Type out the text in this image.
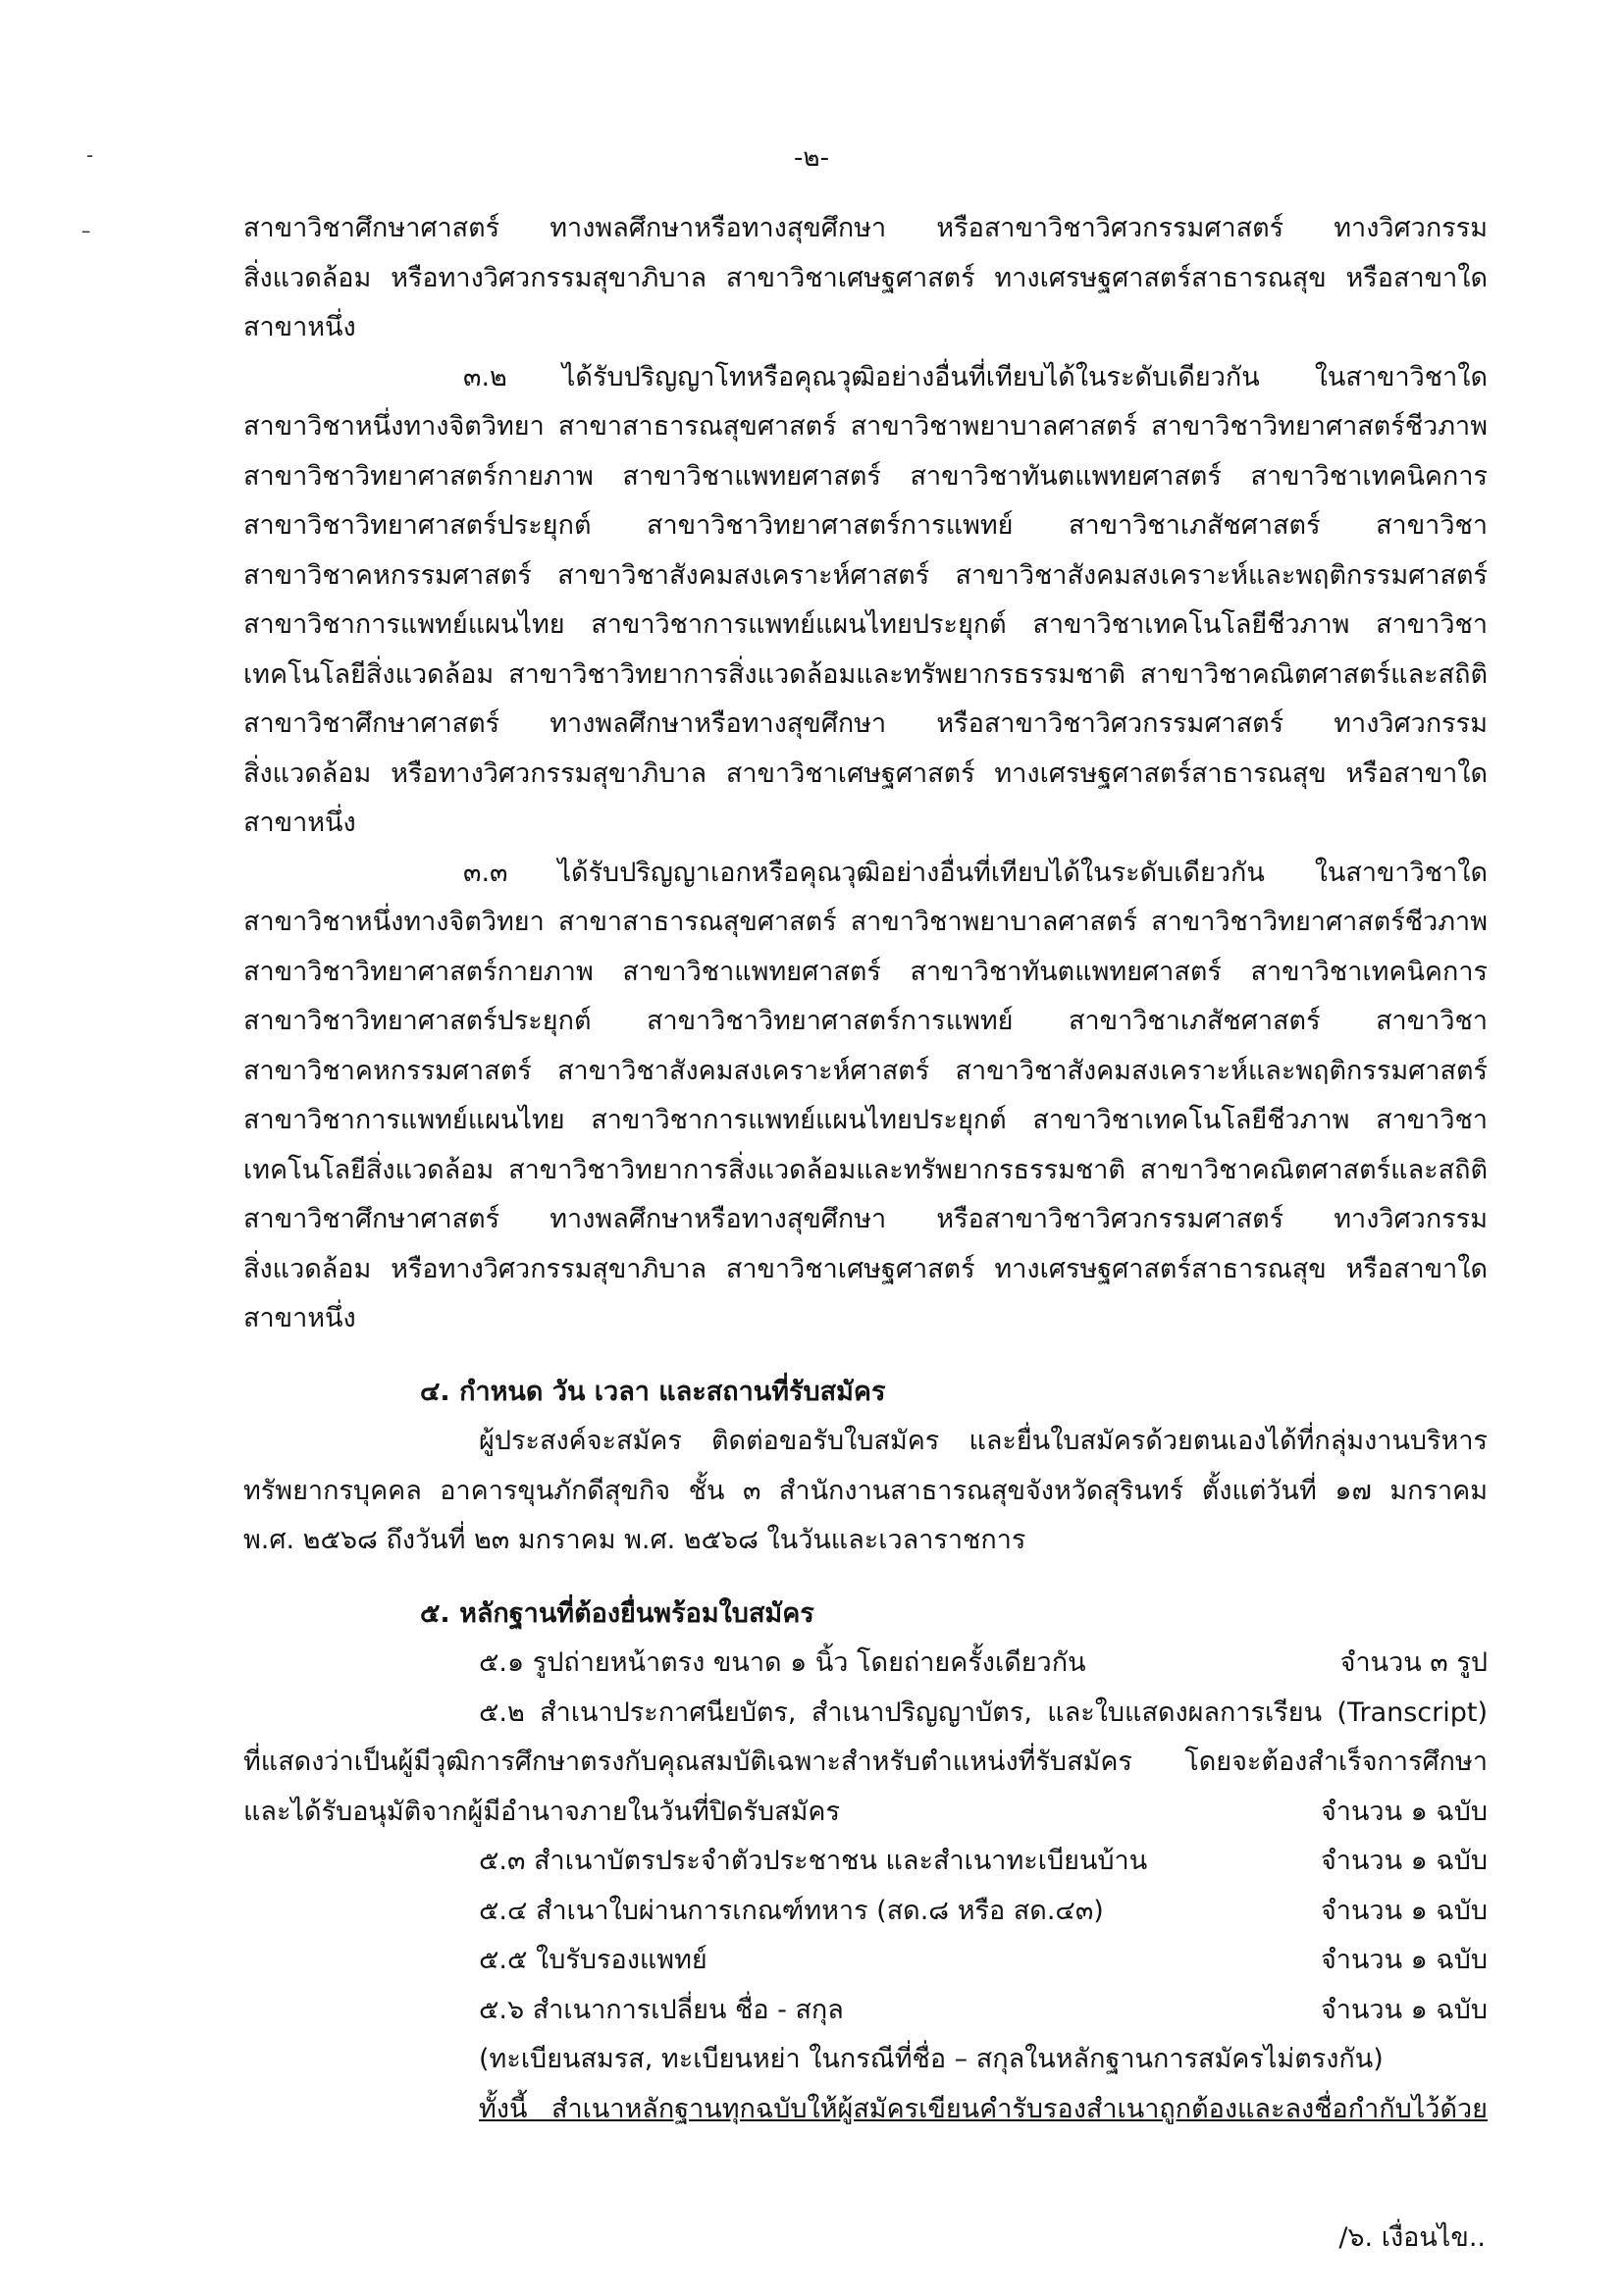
-
ߺ
-๒-
สาขาวิชาศึกษาศาสตร์ ทางพลศึกษาหรือทางสุขศึกษา หรือสาขาวิชาวิศวกรรมศาสตร์ ทางวิศวกรรม
สิ่งแวดล้อม หรือทางวิศวกรรมสุขาภิบาล สาขาวิชาเศษฐศาสตร์ ทางเศรษฐศาสตร์สาธารณสุข หรือสาขาใด
สาขาหนึ่ง
๓.๒ ได้รับปริญญาโทหรือคุณวุฒิอย่างอื่นที่เทียบได้ในระดับเดียวกัน ในสาขาวิชาใด
สาขาวิชาหนึ่งทางจิตวิทยา สาขาสาธารณสุขศาสตร์ สาขาวิชาพยาบาลศาสตร์ สาขาวิชาวิทยาศาสตร์ชีวภาพ
สาขาวิชาวิทยาศาสตร์กายภาพ สาขาวิชาแพทยศาสตร์ สาขาวิชาทันตแพทยศาสตร์ สาขาวิชาเทคนิคการ
สาขาวิชาวิทยาศาสตร์ประยุกต์ สาขาวิชาวิทยาศาสตร์การแพทย์ สาขาวิชาเภสัชศาสตร์ สาขาวิชา
สาขาวิชาคหกรรมศาสตร์ สาขาวิชาสังคมสงเคราะห์ศาสตร์ สาขาวิชาสังคมสงเคราะห์และพฤติกรรมศาสตร์
สาขาวิชาการแพทย์แผนไทย สาขาวิชาการแพทย์แผนไทยประยุกต์ สาขาวิชาเทคโนโลยีชีวภาพ สาขาวิชา
เทคโนโลยีสิ่งแวดล้อม สาขาวิชาวิทยาการสิ่งแวดล้อมและทรัพยากรธรรมชาติ สาขาวิชาคณิตศาสตร์และสถิติ
สาขาวิชาศึกษาศาสตร์ ทางพลศึกษาหรือทางสุขศึกษา หรือสาขาวิชาวิศวกรรมศาสตร์ ทางวิศวกรรม
สิ่งแวดล้อม หรือทางวิศวกรรมสุขาภิบาล สาขาวิชาเศษฐศาสตร์ ทางเศรษฐศาสตร์สาธารณสุข หรือสาขาใด
สาขาหนึ่ง
๓.๓ ได้รับปริญญาเอกหรือคุณวุฒิอย่างอื่นที่เทียบได้ในระดับเดียวกัน ในสาขาวิชาใด
สาขาวิชาหนึ่งทางจิตวิทยา สาขาสาธารณสุขศาสตร์ สาขาวิชาพยาบาลศาสตร์ สาขาวิชาวิทยาศาสตร์ชีวภาพ
สาขาวิชาวิทยาศาสตร์กายภาพ สาขาวิชาแพทยศาสตร์ สาขาวิชาทันตแพทยศาสตร์ สาขาวิชาเทคนิคการ
สาขาวิชาวิทยาศาสตร์ประยุกต์ สาขาวิชาวิทยาศาสตร์การแพทย์ สาขาวิชาเภสัชศาสตร์ สาขาวิชา
สาขาวิชาคหกรรมศาสตร์ สาขาวิชาสังคมสงเคราะห์ศาสตร์ สาขาวิชาสังคมสงเคราะห์และพฤติกรรมศาสตร์
สาขาวิชาการแพทย์แผนไทย สาขาวิชาการแพทย์แผนไทยประยุกต์ สาขาวิชาเทคโนโลยีชีวภาพ สาขาวิชา
เทคโนโลยีสิ่งแวดล้อม สาขาวิชาวิทยาการสิ่งแวดล้อมและทรัพยากรธรรมชาติ สาขาวิชาคณิตศาสตร์และสถิติ
สาขาวิชาศึกษาศาสตร์ ทางพลศึกษาหรือทางสุขศึกษา หรือสาขาวิชาวิศวกรรมศาสตร์ ทางวิศวกรรม
สิ่งแวดล้อม หรือทางวิศวกรรมสุขาภิบาล สาขาวิชาเศษฐศาสตร์ ทางเศรษฐศาสตร์สาธารณสุข หรือสาขาใด
สาขาหนึ่ง
๔. กำหนด วัน เวลา และสถานที่รับสมัคร
ผู้ประสงค์จะสมัคร ติดต่อขอรับใบสมัคร และยื่นใบสมัครด้วยตนเองได้ที่กลุ่มงานบริหาร
ทรัพยากรบุคคล อาคารขุนภักดีสุขกิจ ชั้น ๓ สำนักงานสาธารณสุขจังหวัดสุรินทร์ ตั้งแต่วันที่ ๑๗ มกราคม
พ.ศ. ๒๕๖๘ ถึงวันที่ ๒๓ มกราคม พ.ศ. ๒๕๖๘ ในวันและเวลาราชการ
๕. หลักฐานที่ต้องยื่นพร้อมใบสมัคร
๕.๑ รูปถ่ายหน้าตรง ขนาด ๑ นิ้ว โดยถ่ายครั้งเดียวกัน	จำนวน ๓ รูป
๕.๒ สำเนาประกาศนียบัตร, สำเนาปริญญาบัตร, และใบแสดงผลการเรียน (Transcript)
ที่แสดงว่าเป็นผู้มีวุฒิการศึกษาตรงกับคุณสมบัติเฉพาะสำหรับตำแหน่งที่รับสมัคร โดยจะต้องสำเร็จการศึกษา
และได้รับอนุมัติจากผู้มีอำนาจภายในวันที่ปิดรับสมัคร	จำนวน ๑ ฉบับ
๕.๓ สำเนาบัตรประจำตัวประชาชน และสำเนาทะเบียนบ้าน	จำนวน ๑ ฉบับ
๕.๔ สำเนาใบผ่านการเกณฑ์ทหาร (สด.๘ หรือ สด.๔๓)	จำนวน ๑ ฉบับ
๕.๕ ใบรับรองแพทย์	จำนวน ๑ ฉบับ
๕.๖ สำเนาการเปลี่ยน ชื่อ - สกุล	จำนวน ๑ ฉบับ
(ทะเบียนสมรส, ทะเบียนหย่า ในกรณีที่ชื่อ – สกุลในหลักฐานการสมัครไม่ตรงกัน)
ทั้งนี้ สำเนาหลักฐานทุกฉบับให้ผู้สมัครเขียนคำรับรองสำเนาถูกต้องและลงชื่อกำกับไว้ด้วย
/๖. เงื่อนไข..
